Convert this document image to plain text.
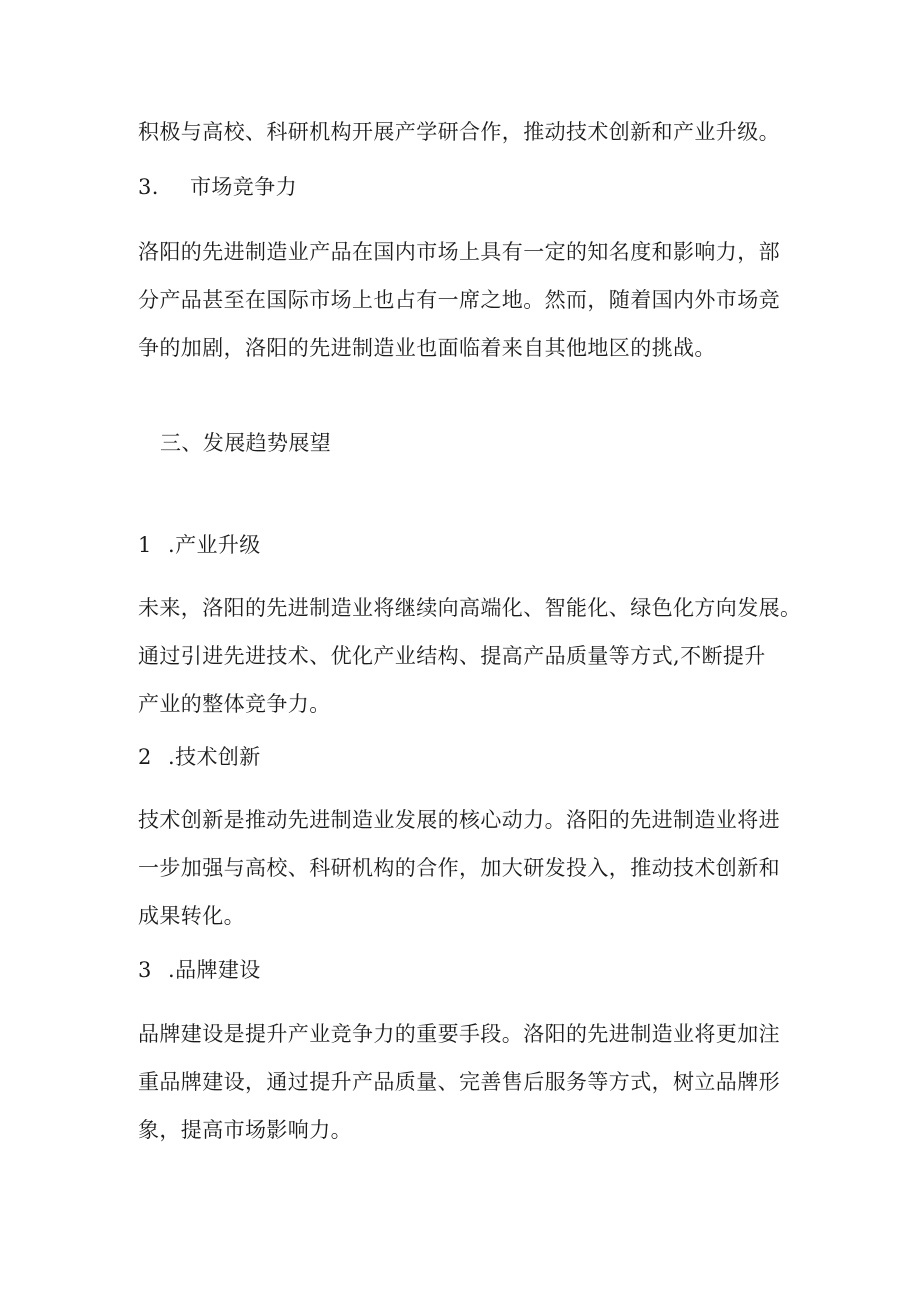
积极与高校、科研机构开展产学研合作，推动技术创新和产业升级。
3. 市场竞争力
洛阳的先进制造业产品在国内市场上具有一定的知名度和影响力，部
分产品甚至在国际市场上也占有一席之地。然而，随着国内外市场竞
争的加剧，洛阳的先进制造业也面临着来自其他地区的挑战。
三、发展趋势展望
1 .产业升级
未来，洛阳的先进制造业将继续向高端化、智能化、绿色化方向发展。
通过引进先进技术、优化产业结构、提高产品质量等方式,不断提升
产业的整体竞争力。
2 .技术创新
技术创新是推动先进制造业发展的核心动力。洛阳的先进制造业将进
一步加强与高校、科研机构的合作，加大研发投入，推动技术创新和
成果转化。
3 .品牌建设
品牌建设是提升产业竞争力的重要手段。洛阳的先进制造业将更加注
重品牌建设，通过提升产品质量、完善售后服务等方式，树立品牌形
象，提高市场影响力。
